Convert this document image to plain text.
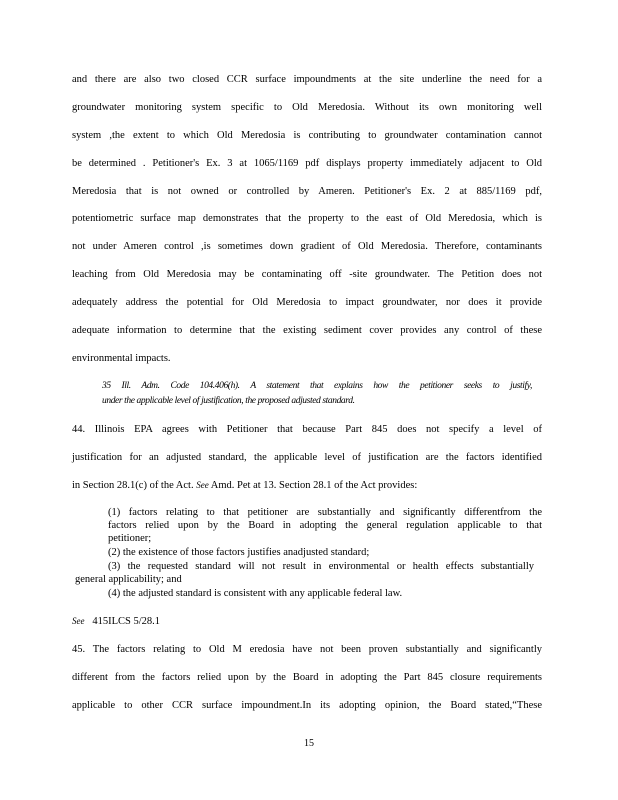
and there are also two closed CCR surface impoundments at the site underline the need for a
groundwater monitoring system specific to Old Meredosia. Without its own monitoring well
system ,the extent to which Old Meredosia is contributing to groundwater contamination cannot
be determined . Petitioner's Ex. 3 at 1065/1169 pdf displays property immediately adjacent to Old
Meredosia that is not owned or controlled by Ameren. Petitioner's Ex. 2 at 885/1169 pdf,
potentiometric surface map demonstrates that the property to the east of Old Meredosia, which is
not under Ameren control ,is sometimes down gradient of Old Meredosia. Therefore, contaminants
leaching from Old Meredosia may be contaminating off -site groundwater. The Petition does not
adequately address the potential for Old Meredosia to impact groundwater, nor does it provide
adequate information to determine that the existing sediment cover provides any control of these
environmental impacts.
35 Ill. Adm. Code 104.406(h). A statement that explains how the petitioner seeks to justify,
under the applicable level of justification, the proposed adjusted standard.
44. Illinois EPA agrees with Petitioner that because Part 845 does not specify a level of
justification for an adjusted standard, the applicable level of justification are the factors identified
in Section 28.1(c) of the Act. See Amd. Pet at 13. Section 28.1 of the Act provides:
(1) factors relating to that petitioner are substantially and significantly differentfrom the
factors relied upon by the Board in adopting the general regulation applicable to that
petitioner;
(2) the existence of those factors justifies anadjusted standard;
(3) the requested standard will not result in environmental or health effects substantially
general applicability; and
(4) the adjusted standard is consistent with any applicable federal law.
See 415ILCS 5/28.1
45. The factors relating to Old M eredosia have not been proven substantially and significantly
different from the factors relied upon by the Board in adopting the Part 845 closure requirements
applicable to other CCR surface impoundment.In its adopting opinion, the Board stated,“These
15
